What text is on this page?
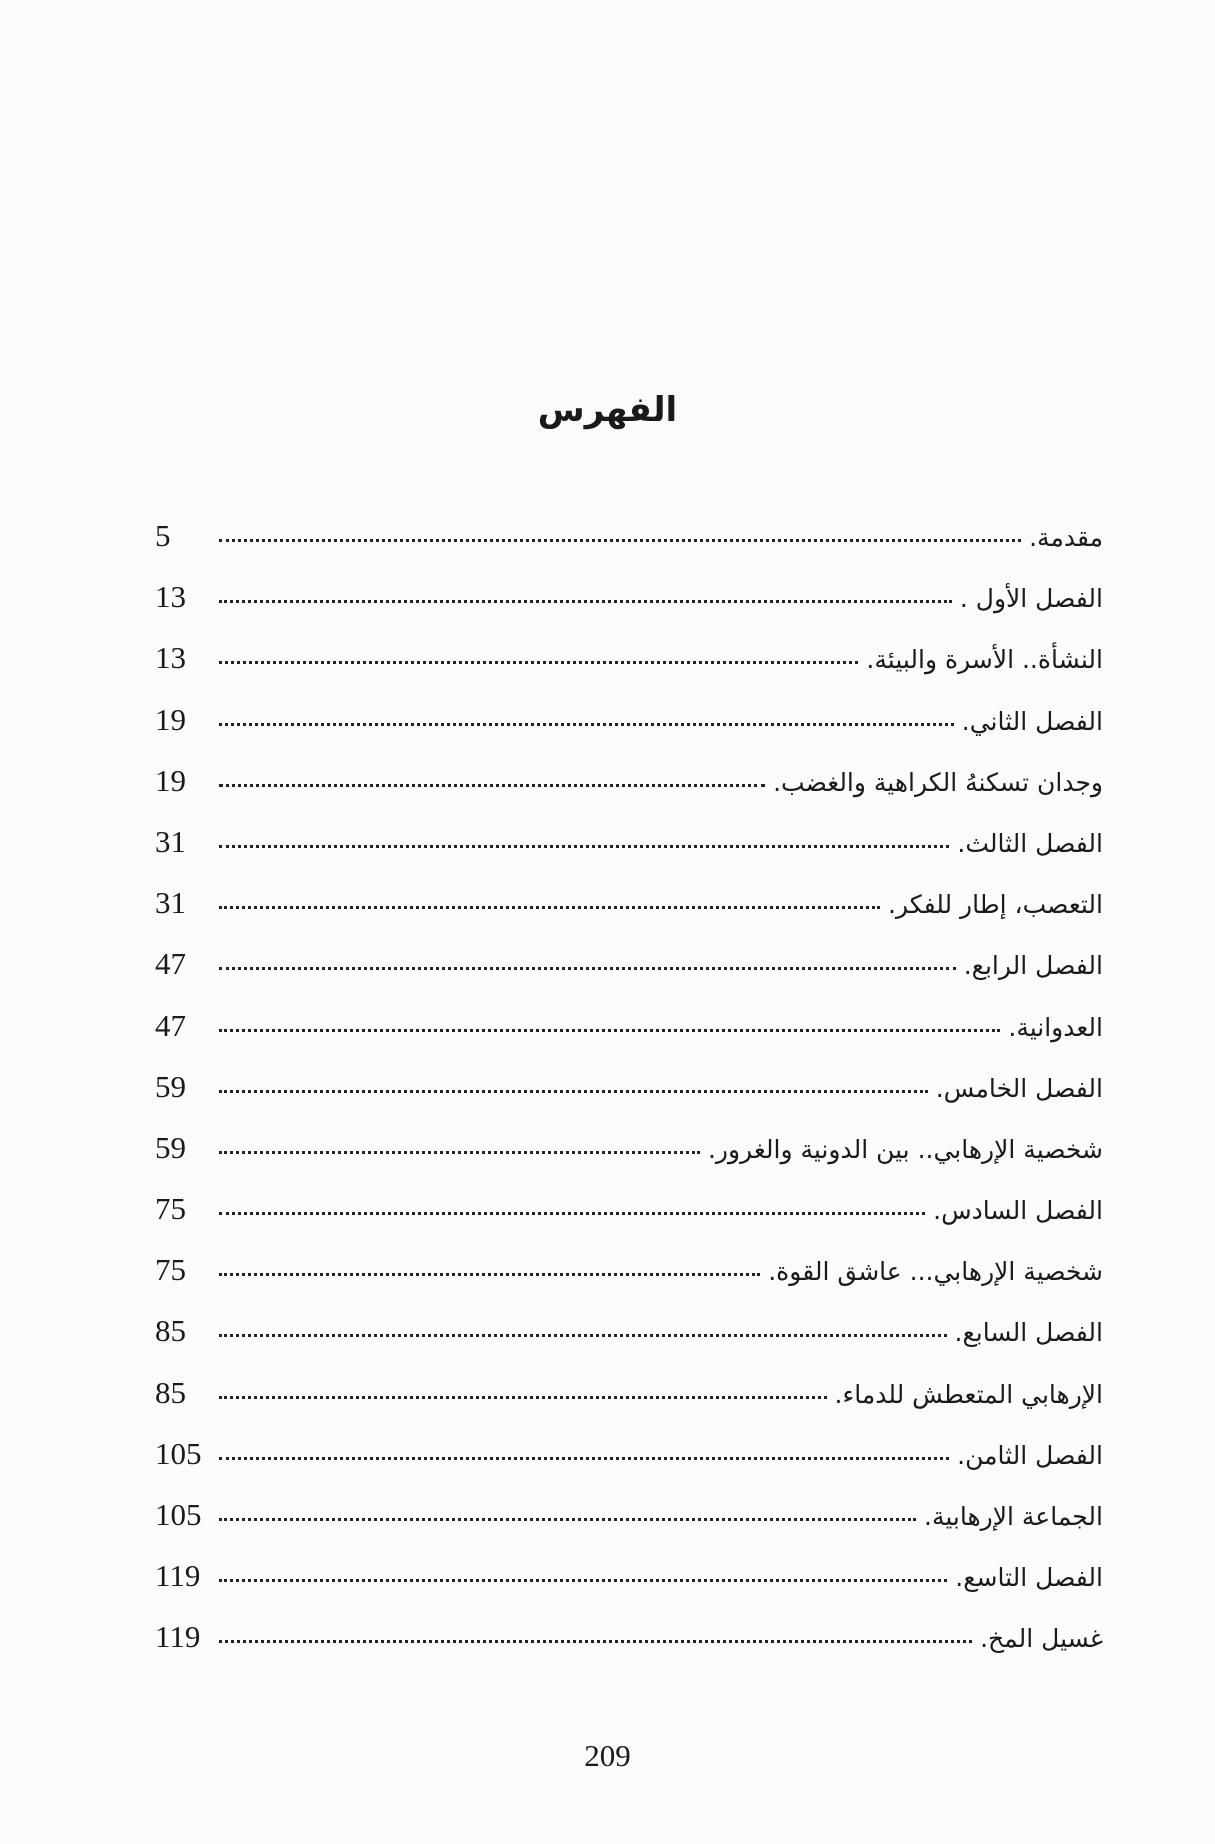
الفهرس
مقدمة.
5
الفصل الأول .
13
النشأة.. الأسرة والبيئة.
13
الفصل الثاني.
19
وجدان تسكنهُ الكراهية والغضب.
19
الفصل الثالث.
31
التعصب، إطار للفكر.
31
الفصل الرابع.
47
العدوانية.
47
الفصل الخامس.
59
شخصية الإرهابي.. بين الدونية والغرور.
59
الفصل السادس.
75
شخصية الإرهابي... عاشق القوة.
75
الفصل السابع.
85
الإرهابي المتعطش للدماء.
85
الفصل الثامن.
105
الجماعة الإرهابية.
105
الفصل التاسع.
119
غسيل المخ.
119
209
